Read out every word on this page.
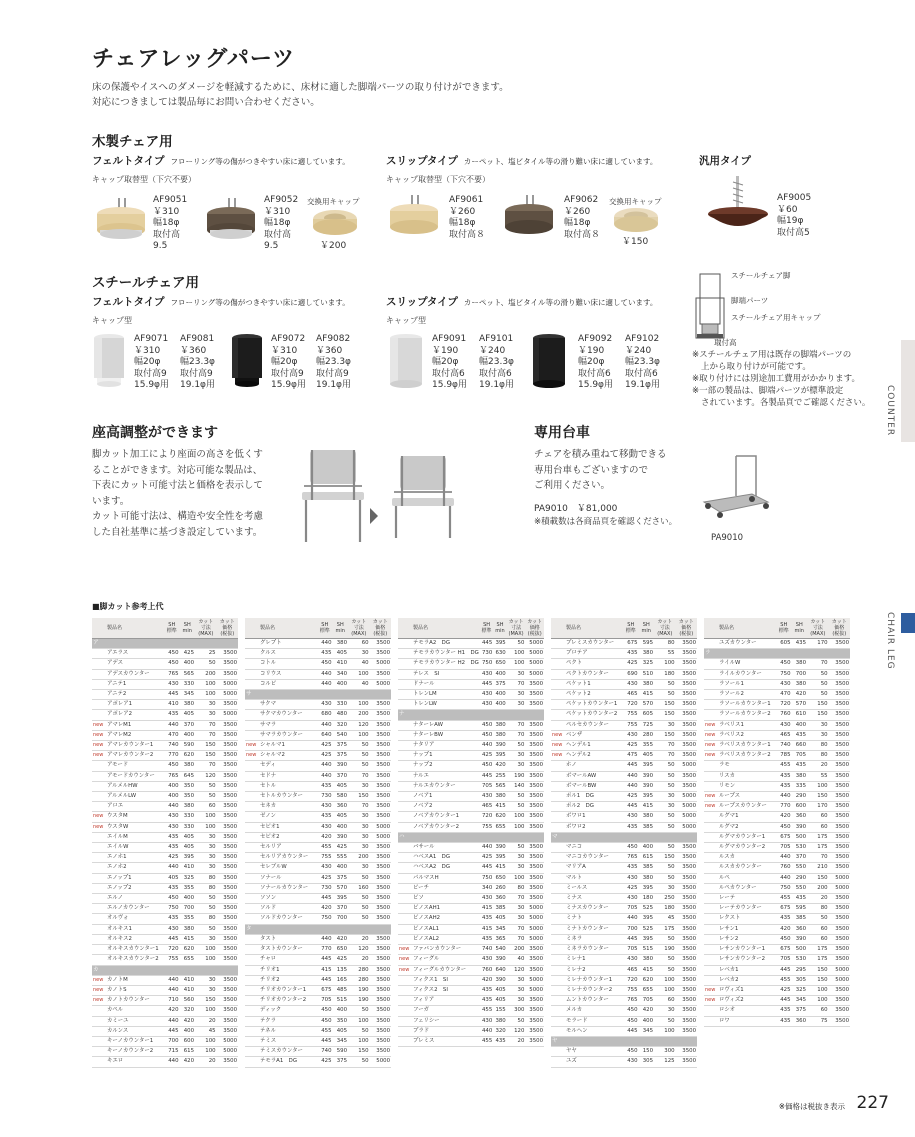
チェアレッグパーツ
床の保護やイスへのダメージを軽減するために、床材に適した脚端パーツの取り付けができます。
対応につきましては製品毎にお問い合わせください。
木製チェア用
フェルトタイプ フローリング等の傷がつきやすい床に適しています。
キャップ取替型（下穴不要）
AF9051
￥310
幅18φ
取付高
9.5
AF9052
￥310
幅18φ
取付高
9.5
交換用キャップ
￥200
スリップタイプ カーペット、塩ビタイル等の滑り難い床に適しています。
キャップ取替型（下穴不要）
AF9061
￥260
幅18φ
取付高８
AF9062
￥260
幅18φ
取付高８
交換用キャップ
￥150
汎用タイプ
AF9005
￥60
幅19φ
取付高5
スチールチェア用
フェルトタイプ フローリング等の傷がつきやすい床に適しています。
キャップ型
AF9071
￥310
幅20φ
取付高9
15.9φ用
AF9081
￥360
幅23.3φ
取付高9
19.1φ用
AF9072
￥310
幅20φ
取付高9
15.9φ用
AF9082
￥360
幅23.3φ
取付高9
19.1φ用
スリップタイプ カーペット、塩ビタイル等の滑り難い床に適しています。
キャップ型
AF9091
￥190
幅20φ
取付高6
15.9φ用
AF9101
￥240
幅23.3φ
取付高6
19.1φ用
AF9092
￥190
幅20φ
取付高6
15.9φ用
AF9102
￥240
幅23.3φ
取付高6
19.1φ用
スチールチェア脚
脚端パーツ
スチールチェア用キャップ
取付高
※スチールチェア用は既存の脚端パーツの
上から取り付けが可能です。
※取り付けには別途加工費用がかかります。
※一部の製品は、脚端パーツが標準設定
されています。各製品頁でご確認ください。
座高調整ができます
脚カット加工により座面の高さを低くす
ることができます。対応可能な製品は、
下表にカット可能寸法と価格を表示して
います。
カット可能寸法は、構造や安全性を考慮
した自社基準に基づき設定しています。
専用台車
チェアを積み重ねて移動できる
専用台車もございますので
ご利用ください。
PA9010　￥81,000
※積載数は各商品頁を確認ください。
PA9010
COUNTER
CHAIR LEG
■脚カット参考上代
	製品名	SH
標準	SH
min	カット
寸法
(MAX)	カット
価格
(税抜)
ア					
	アエラス	450	425	25	3500
	アデス	450	400	50	3500
	アデスカウンター	765	565	200	3500
	アニテ1	430	330	100	5000
	アニテ2	445	345	100	5000
	アポレア1	410	380	30	3500
	アポレア2	435	405	30	5000
new	アマレM1	440	370	70	3500
new	アマレM2	470	400	70	3500
new	アマレカウンター1	740	590	150	3500
new	アマレカウンター2	770	620	150	3500
	アモード	450	380	70	3500
	アモードカウンター	765	645	120	3500
	アルメルHW	400	350	50	3500
	アルメルLW	400	350	50	3500
	アロエ	440	380	60	3500
new	ウスタM	430	330	100	3500
new	ウスタW	430	330	100	3500
	エイルM	435	405	30	3500
	エイルW	435	405	30	3500
	エノホ1	425	395	30	3500
	エノホ2	440	410	30	3500
	エノップ1	405	325	80	3500
	エノップ2	435	355	80	3500
	エルノ	450	400	50	3500
	エルノカウンター	750	700	50	3500
	オルヴォ	435	355	80	3500
	オルキス1	430	380	50	3500
	オルキス2	445	415	30	3500
	オルキスカウンター1	720	620	100	3500
	オルキスカウンター2	755	655	100	3500
カ					
new	カノトM	440	410	30	3500
new	カノトS	440	410	30	3500
new	カノトカウンター	710	560	150	3500
	カペル	420	320	100	3500
	カミーユ	440	420	20	3500
	カルンス	445	400	45	3500
	キーノカウンター1	700	600	100	5000
	キーノカウンター2	715	615	100	5000
	キエロ	440	420	20	3500
	製品名	SH
標準	SH
min	カット
寸法
(MAX)	カット
価格
(税抜)
	グレプト	440	380	60	3500
	クルス	435	405	30	3500
	コトル	450	410	40	5000
	コリウス	440	340	100	3500
	コルビ	440	400	40	5000
サ					
	サクマ	430	330	100	3500
	サクマカウンター	680	480	200	3500
	サマラ	440	320	120	3500
	サマラカウンター	640	540	100	3500
new	シャルマ1	425	375	50	3500
new	シャルマ2	425	375	50	3500
	セディ	440	390	50	3500
	セドナ	440	370	70	3500
	セトル	435	405	30	3500
	セトルカウンター	730	580	150	3500
	セネカ	430	360	70	3500
	ゼノン	435	405	30	3500
	セピオ1	430	400	30	5000
	セピオ2	420	390	30	5000
	セルリア	455	425	30	3500
	セルリアカウンター	755	555	200	3500
	セレブルW	430	400	30	3500
	ソナール	425	375	50	3500
	ソナールカウンター	730	570	160	3500
	ソソン	445	395	50	3500
	ソルド	420	370	50	3500
	ソルドカウンター	750	700	50	3500
タ					
	タスト	440	420	20	3500
	タストカウンター	770	650	120	3500
	チャロ	445	425	20	3500
	チリオ1	415	135	280	3500
	チリオ2	445	165	280	3500
	チリオカウンター1	675	485	190	3500
	チリオカウンター2	705	515	190	3500
	ディック	450	400	50	3500
	テクラ	450	350	100	3500
	テネル	455	405	50	3500
	テミス	445	345	100	3500
	テミスカウンター	740	590	150	3500
	テモラA1　DG	425	375	50	5000
	製品名	SH
標準	SH
min	カット
寸法
(MAX)	カット
価格
(税抜)
	テモラA2　DG	445	395	50	5000
	テモラカウンター H1　DG	730	630	100	5000
	テモラカウンター H2　DG	750	650	100	5000
	テレス　SI	430	400	30	5000
	ドナール	445	375	70	3500
	トレンLM	430	400	30	3500
	トレンLW	430	400	30	3500
ナ					
	ナターレAW	450	380	70	3500
	ナターレBW	450	380	70	3500
	ナタリア	440	390	50	3500
	ナップ1	425	395	30	3500
	ナップ2	450	420	30	3500
	ナルエ	445	255	190	3500
	ナルエカウンター	705	565	140	3500
	ノベア1	430	380	50	3500
	ノベア2	465	415	50	3500
	ノベアカウンター1	720	620	100	3500
	ノベアカウンター2	755	655	100	3500
ハ					
	バサール	440	390	50	3500
	ハベスA1　DG	425	395	30	3500
	ハベスA2　DG	445	415	30	3500
	パルマスH	750	650	100	3500
	ビーチ	340	260	80	3500
	ピソ	430	360	70	3500
	ピノスAH1	415	385	30	5000
	ピノスAH2	435	405	30	5000
	ピノスAL1	415	345	70	5000
	ピノスAL2	435	365	70	5000
new	ファバンカウンター	740	540	200	3500
new	フィーグル	430	390	40	3500
new	フィーグルカウンター	760	640	120	3500
	フィクス1　SI	420	390	30	5000
	フィクス2　SI	435	405	30	5000
	フィリア	435	405	30	3500
	フーガ	455	155	300	3500
	フェリシー	430	380	50	3500
	プラド	440	320	120	3500
	プレミス	455	435	20	3500
	製品名	SH
標準	SH
min	カット
寸法
(MAX)	カット
価格
(税抜)
	プレミスカウンター	675	595	80	3500
	プロテア	435	380	55	3500
	ペクト	425	325	100	3500
	ペクトカウンター	690	510	180	3500
	ペケット1	430	380	50	3500
	ペケット2	465	415	50	3500
	ペケットカウンター1	720	570	150	3500
	ペケットカウンター2	755	605	150	3500
	ペルセカウンター	755	725	30	3500
new	ベンザ	430	280	150	3500
new	ヘンデル1	425	355	70	3500
new	ヘンデル2	475	405	70	3500
	ホノ	445	395	50	5000
	ボマールAW	440	390	50	3500
	ボマールBW	440	390	50	3500
	ポル1　DG	425	395	30	5000
	ポル2　DG	445	415	30	5000
	ボワロ1	430	380	50	5000
	ボワロ2	435	385	50	5000
マ					
	マニコ	450	400	50	3500
	マニコカウンター	765	615	150	3500
	マリアA	435	385	50	3500
	マルト	430	380	50	3500
	ミールス	425	395	30	3500
	ミナス	430	180	250	3500
	ミナスカウンター	705	525	180	3500
	ミナト	440	395	45	3500
	ミナトカウンター	700	525	175	3500
	ミネラ	445	395	50	3500
	ミネラカウンター	705	515	190	3500
	ミレナ1	430	380	50	3500
	ミレナ2	465	415	50	3500
	ミレナカウンター1	720	620	100	3500
	ミレナカウンター2	755	655	100	3500
	ムントカウンター	765	705	60	3500
	メルカ	450	420	30	3500
	モラード	450	400	50	3500
	モルヘン	445	345	100	3500
ヤ					
	ヤヤ	450	150	300	3500
	ユズ	430	305	125	3500
	製品名	SH
標準	SH
min	カット
寸法
(MAX)	カット
価格
(税抜)
	ユズカウンター	605	435	170	3500
ラ					
	ライルW	450	380	70	3500
	ライルカウンター	750	700	50	3500
	ラソール1	430	380	50	3500
	ラソール2	470	420	50	3500
	ラソールカウンター1	720	570	150	3500
	ラソールカウンター2	760	610	150	3500
new	ラベリス1	430	400	30	3500
new	ラベリス2	465	435	30	3500
new	ラベリスカウンター1	740	660	80	3500
new	ラベリスカウンター2	785	705	80	3500
	ラモ	455	435	20	3500
	リスカ	435	380	55	3500
	リモン	435	335	100	3500
new	ループス	440	290	150	3500
new	ループスカウンター	770	600	170	3500
	ルグマ1	420	360	60	3500
	ルグマ2	450	390	60	3500
	ルグマカウンター1	675	500	175	3500
	ルグマカウンター2	705	530	175	3500
	ルスカ	440	370	70	3500
	ルスカカウンター	760	550	210	3500
	ルペ	440	290	150	5000
	ルペカウンター	750	550	200	5000
	レーテ	455	435	20	3500
	レーテカウンター	675	595	80	3500
	レクスト	435	385	50	3500
	レサン1	420	360	60	3500
	レサン2	450	390	60	3500
	レサンカウンター1	675	500	175	3500
	レサンカウンター2	705	530	175	3500
	レベカ1	445	295	150	5000
	レベカ2	455	305	150	5000
new	ロヴィズ1	425	325	100	3500
new	ロヴィズ2	445	345	100	3500
	ロシオ	435	375	60	3500
	ロワ	435	360	75	3500
※価格は税抜き表示 227
